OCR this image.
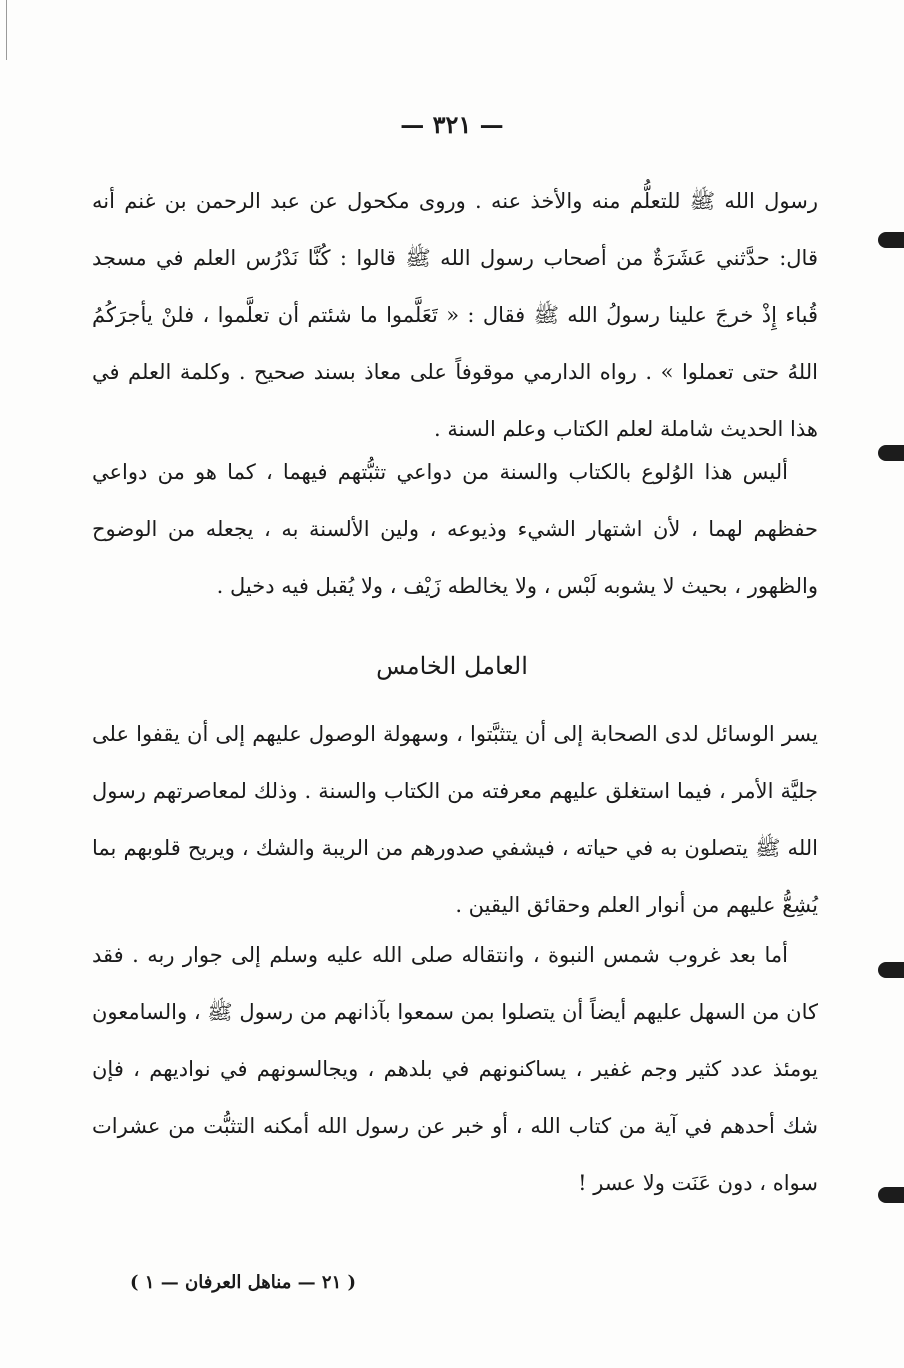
— ٣٢١ —

رسول الله ﷺ للتعلُّم منه والأخذ عنه . وروى مكحول عن عبد الرحمن بن غنم أنه قال: حدَّثني عَشَرَةٌ من أصحاب رسول الله ﷺ قالوا : كُنَّا نَدْرُس العلم في مسجد قُباء إِذْ خرجَ علينا رسولُ الله ﷺ فقال : « تَعَلَّموا ما شئتم أن تعلَّموا ، فلنْ يأجرَكُمُ اللهُ حتى تعملوا » . رواه الدارمي موقوفاً على معاذ بسند صحيح . وكلمة العلم في هذا الحديث شاملة لعلم الكتاب وعلم السنة .

أليس هذا الوُلوع بالكتاب والسنة من دواعي تثبُّتهم فيهما ، كما هو من دواعي حفظهم لهما ، لأن اشتهار الشيء وذيوعه ، ولين الألسنة به ، يجعله من الوضوح والظهور ، بحيث لا يشوبه لَبْس ، ولا يخالطه زَيْف ، ولا يُقبل فيه دخيل .

العامل الخامس

يسر الوسائل لدى الصحابة إلى أن يتثبَّتوا ، وسهولة الوصول عليهم إلى أن يقفوا على جليَّة الأمر ، فيما استغلق عليهم معرفته من الكتاب والسنة . وذلك لمعاصرتهم رسول الله ﷺ يتصلون به في حياته ، فيشفي صدورهم من الريبة والشك ، ويريح قلوبهم بما يُشِعُّ عليهم من أنوار العلم وحقائق اليقين .

أما بعد غروب شمس النبوة ، وانتقاله صلى الله عليه وسلم إلى جوار ربه . فقد كان من السهل عليهم أيضاً أن يتصلوا بمن سمعوا بآذانهم من رسول ﷺ ، والسامعون يومئذ عدد كثير وجم غفير ، يساكنونهم في بلدهم ، ويجالسونهم في نواديهم ، فإن شك أحدهم في آية من كتاب الله ، أو خبر عن رسول الله أمكنه التثبُّت من عشرات سواه ، دون عَنَت ولا عسر !

( ٢١ — مناهل العرفان — ١ )
